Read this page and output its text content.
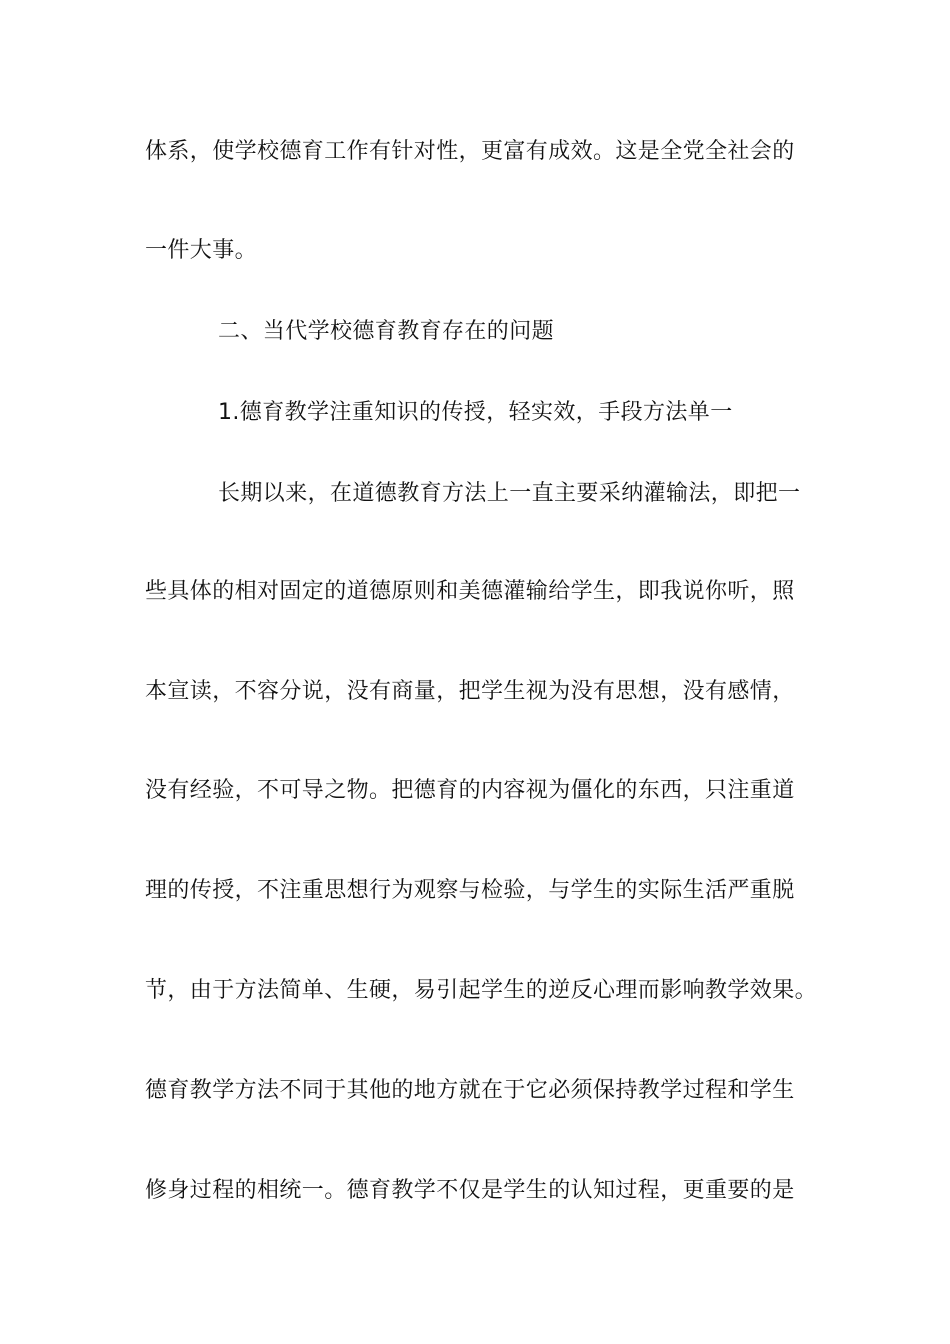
体系，使学校德育工作有针对性，更富有成效。这是全党全社会的
一件大事。
二、当代学校德育教育存在的问题
1.德育教学注重知识的传授，轻实效，手段方法单一
长期以来，在道德教育方法上一直主要采纳灌输法，即把一
些具体的相对固定的道德原则和美德灌输给学生，即我说你听，照
本宣读，不容分说，没有商量，把学生视为没有思想，没有感情，
没有经验，不可导之物。把德育的内容视为僵化的东西，只注重道
理的传授，不注重思想行为观察与检验，与学生的实际生活严重脱
节，由于方法简单、生硬，易引起学生的逆反心理而影响教学效果。
德育教学方法不同于其他的地方就在于它必须保持教学过程和学生
修身过程的相统一。德育教学不仅是学生的认知过程，更重要的是
